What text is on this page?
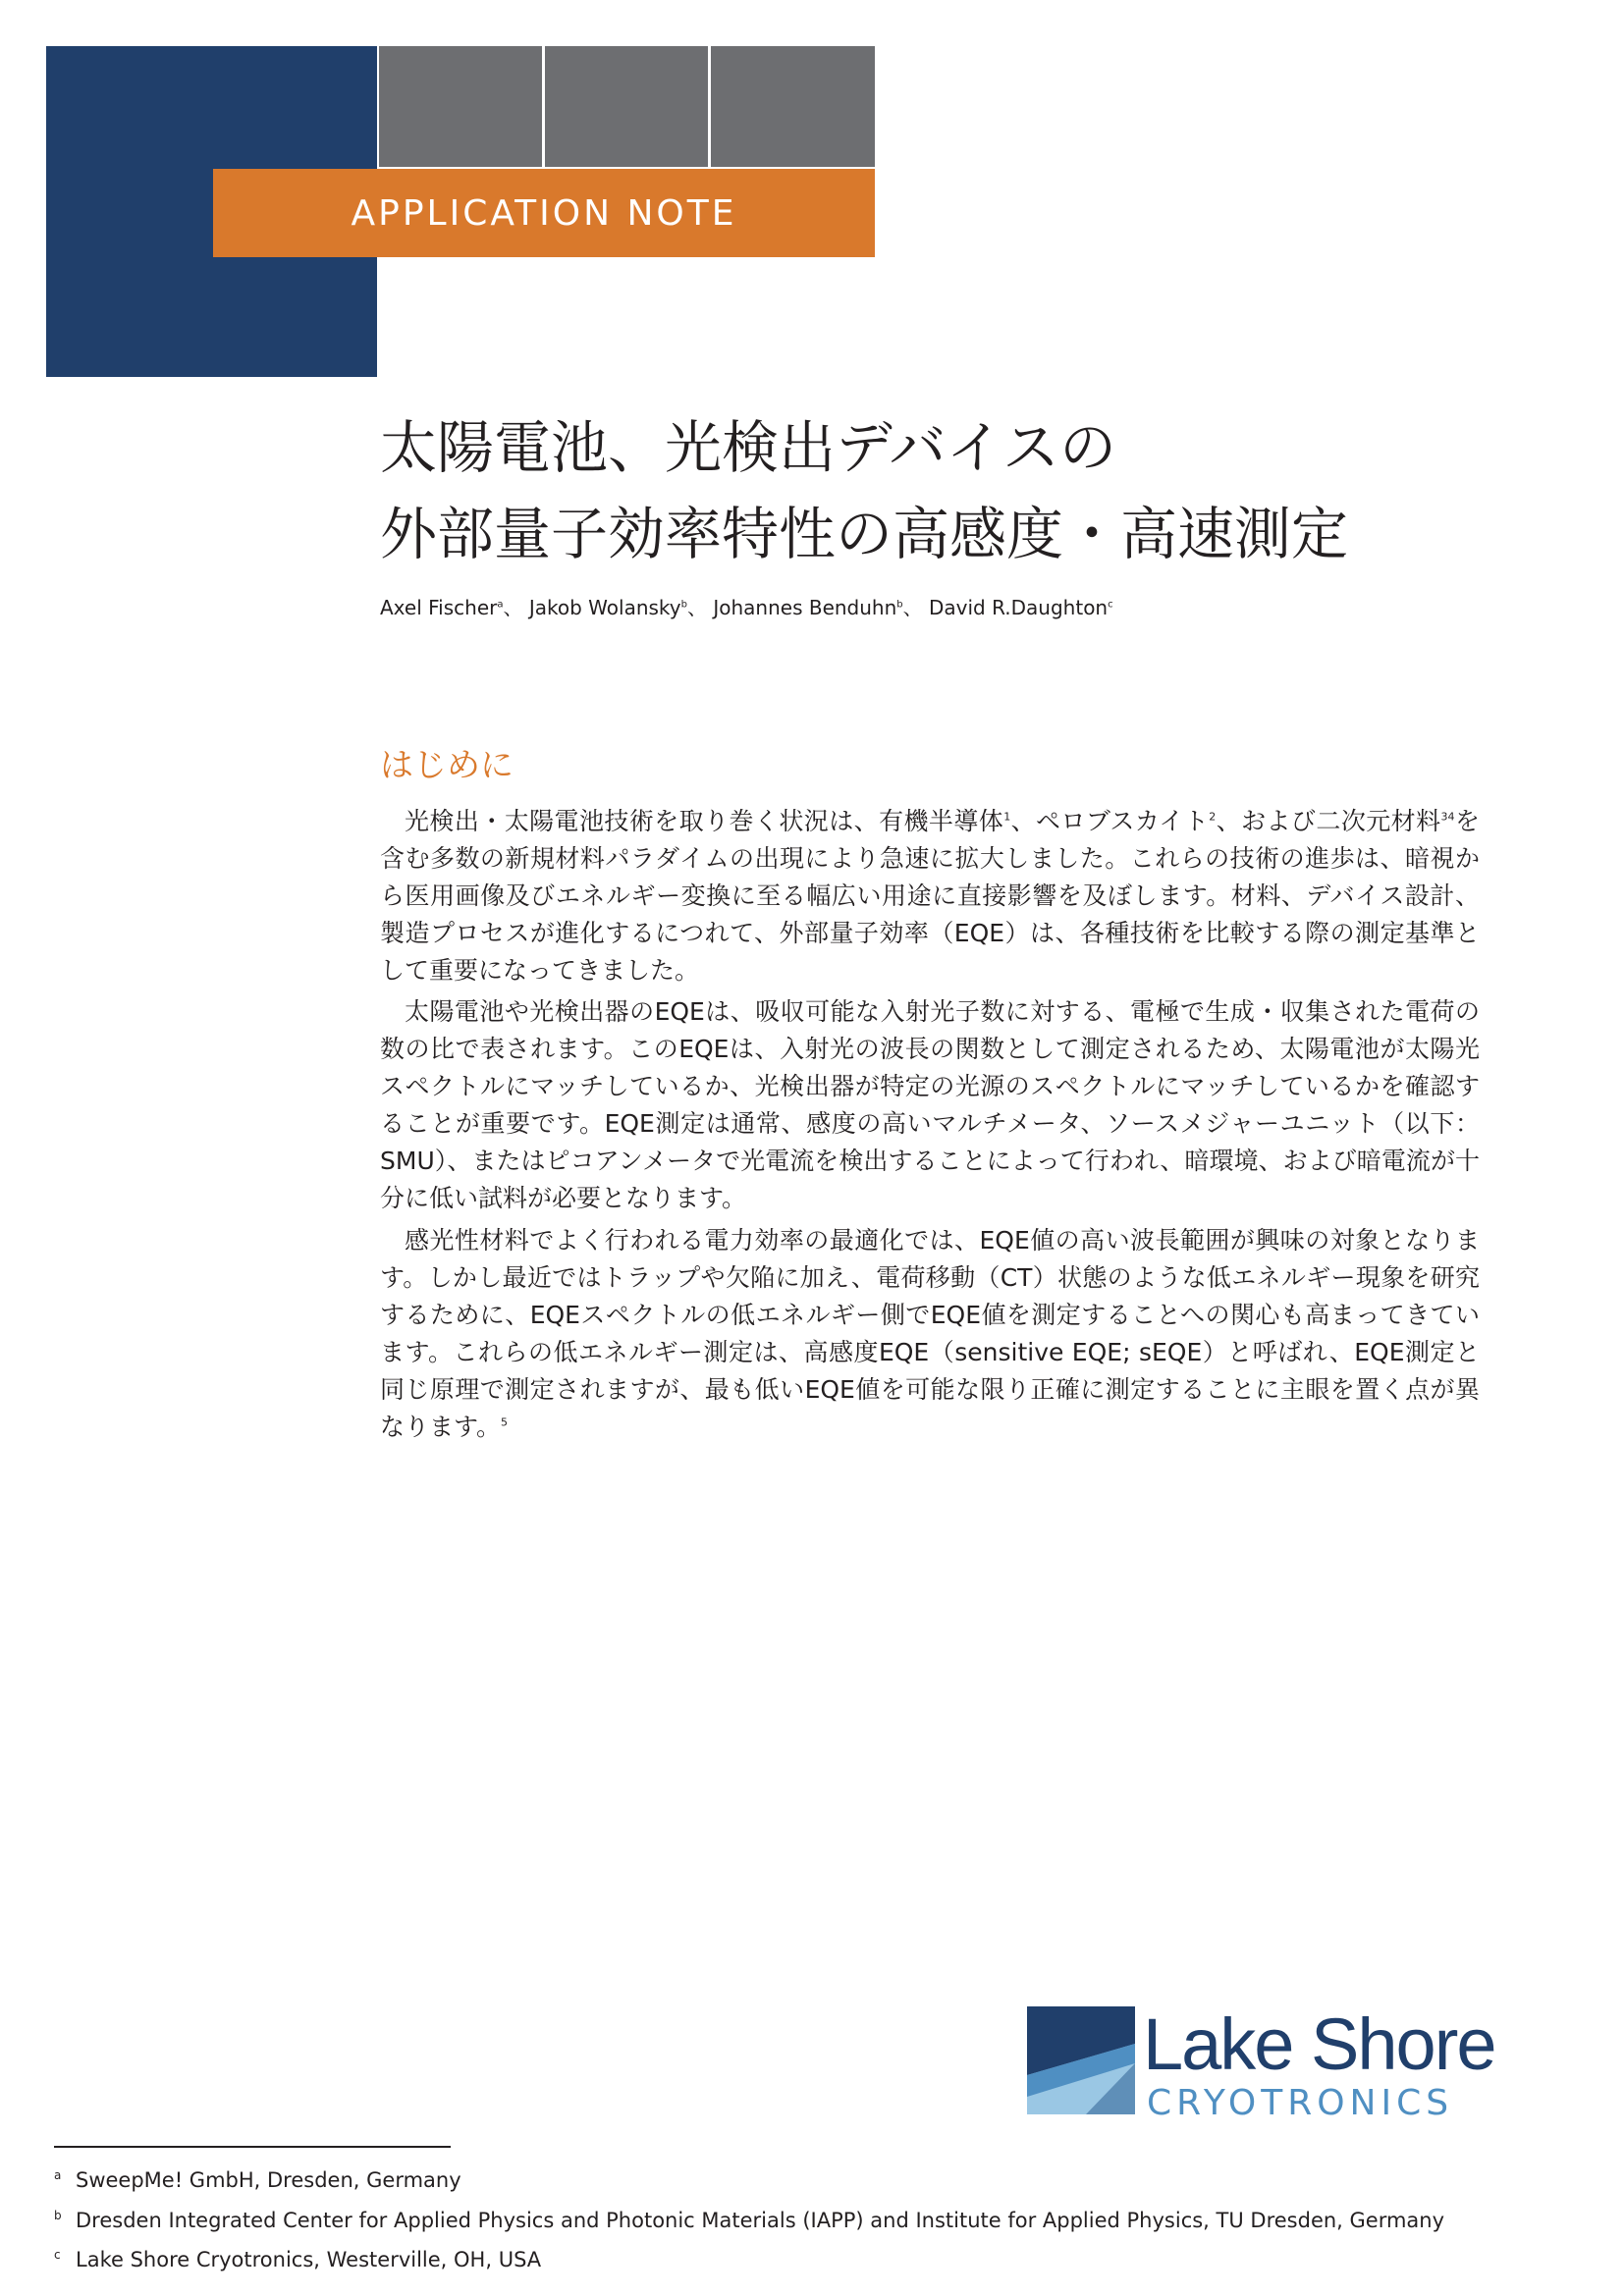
APPLICATION NOTE
太陽電池、光検出デバイスの
外部量子効率特性の高感度・高速測定
Axel Fischer$^a$、 Jakob Wolansky$^b$、 Johannes Benduhn$^b$、 David R.Daughton$^c$
はじめに

光検出・太陽電池技術を取り巻く状況は、有機半導体$^1$、ペロブスカイト$^2$、および二次元材料$^{34}$を含む多数の新規材料パラダイムの出現により急速に拡大しました。これらの技術の進歩は、暗視から医用画像及びエネルギー変換に至る幅広い用途に直接影響を及ぼします。材料、デバイス設計、製造プロセスが進化するにつれて、外部量子効率（EQE）は、各種技術を比較する際の測定基準として重要になってきました。

太陽電池や光検出器のEQEは、吸収可能な入射光子数に対する、電極で生成・収集された電荷の数の比で表されます。このEQEは、入射光の波長の関数として測定されるため、太陽電池が太陽光スペクトルにマッチしているか、光検出器が特定の光源のスペクトルにマッチしているかを確認することが重要です。EQE測定は通常、感度の高いマルチメータ、ソースメジャーユニット（以下：SMU）、またはピコアンメータで光電流を検出することによって行われ、暗環境、および暗電流が十分に低い試料が必要となります。

感光性材料でよく行われる電力効率の最適化では、EQE値の高い波長範囲が興味の対象となります。しかし最近ではトラップや欠陥に加え、電荷移動（CT）状態のような低エネルギー現象を研究するために、EQEスペクトルの低エネルギー側でEQE値を測定することへの関心も高まってきています。これらの低エネルギー測定は、高感度EQE（sensitive EQE; sEQE）と呼ばれ、EQE測定と同じ原理で測定されますが、最も低いEQE値を可能な限り正確に測定することに主眼を置く点が異なります。$^5$

Lake Shore
CRYOTRONICS
$^a$ SweepMe! GmbH, Dresden, Germany
$^b$ Dresden Integrated Center for Applied Physics and Photonic Materials (IAPP) and Institute for Applied Physics, TU Dresden, Germany
$^c$ Lake Shore Cryotronics, Westerville, OH, USA
